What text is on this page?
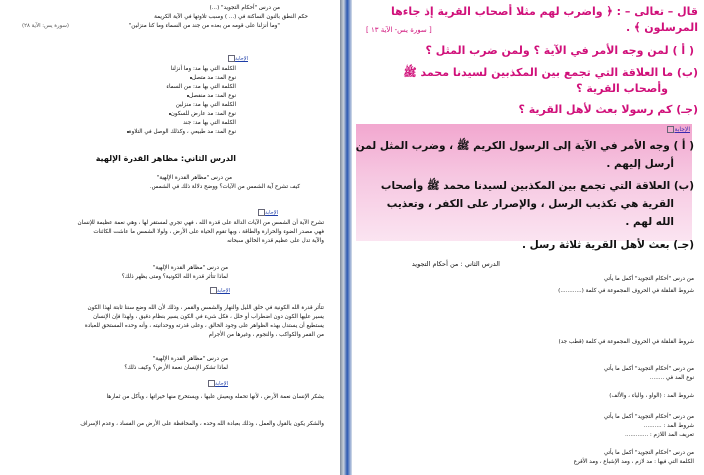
من درس "أحكام التجويد" (...)
حكم النطق بالنون الساكنة في (... ) وسبب تلاوتها في الآية الكريمة
"وما أنزلنا على قومه من بعده من جند من السماء وما كنا منزلين"
(سورة يس: الآية ٢٨)
الإجابة
الكلمة التي بها مد: وما أنزلنا
نوع المد: مد متصل
الكلمة التي بها مد: من السماء
نوع المد: مد منفصل
الكلمة التي بها مد: منزلين
نوع المد: مد عارض للسكون
الكلمة التي بها مد: جند
نوع المد: مد طبيعي ، وكذلك الوصل في التلاوة
الدرس الثاني: مظاهر القدرة الإلهية
من درس "مظاهر القدرة الإلهية"
كيف تشرح آية الشمس من الآيات؟ ووضح دلالة ذلك في الشمس.
الإجابة
تشرح الآية أن الشمس من الآيات الدالة على قدرة الله ، فهي تجري لمستقر لها ، وهي نعمة عظيمة للإنسان
فهي مصدر الضوء والحرارة والطاقة ، وبها تقوم الحياة على الأرض ، ولولا الشمس ما عاشت الكائنات
والآية تدل على عظيم قدرة الخالق سبحانه
من درس "مظاهر القدرة الإلهية"
لماذا تتأثر قدرة الله الكونية؟ ومتى يظهر ذلك؟
الإجابة
تتأثر قدرة الله الكونية في خلق الليل والنهار والشمس والقمر ، وذلك لأن الله وضع سننا ثابتة لهذا الكون
يسير عليها الكون دون اضطراب أو خلل ، فكل شيء في الكون يسير بنظام دقيق ، ولهذا فإن الإنسان
يستطيع أن يستدل بهذه الظواهر على وجود الخالق ، وعلى قدرته ووحدانيته ، وأنه وحده المستحق للعبادة
من القمر والكواكب ، والنجوم ، وغيرها من الأجرام
من درس "مظاهر القدرة الإلهية"
لماذا تشكر الإنسان نعمة الأرض؟ وكيف ذلك؟
الإجابة
يشكر الإنسان نعمة الأرض ، لأنها تحمله ويعيش عليها ، ويستخرج منها خيراتها ، ويأكل من ثمارها
والشكر يكون بالقول والعمل ، وذلك بعبادة الله وحده ، والمحافظة على الأرض من الفساد ، وعدم الإسراف
قال – تعالى – : ﴿ واضرب لهم مثلا أصحاب القرية إذ جاءها
المرسلون ﴾ .
[ سورة يس- الآية ١٣ ]
( أ ) لمن وجه الأمر في الآية ؟ ولمن ضرب المثل ؟
(ب) ما العلاقة التي تجمع بين المكذبين لسيدنا محمد ﷺ
وأصحاب القرية ؟
(جـ) كم رسولا بعث لأهل القرية ؟
الإجابة
( أ ) وجه الأمر في الآية إلى الرسول الكريم ﷺ ، وضرب المثل لمن
أرسل إليهم .
(ب) العلاقة التي تجمع بين المكذبين لسيدنا محمد ﷺ وأصحاب
القرية هي تكذيب الرسل ، والإصرار على الكفر ، وتعذيب
الله لهم .
(جـ) بعث لأهل القرية ثلاثة رسل .
الدرس الثاني : من أحكام التجويد
من درس "أحكام التجويد" أكمل ما يأتي
شروط القلقلة في الحروف المجموعة في كلمة (............)
شروط القلقلة في الحروف المجموعة في كلمة (قطب جد)
من درس "أحكام التجويد" أكمل ما يأتي
نوع المد في ........
شروط المد : (الواو ، والياء ، والألف)
من درس "أحكام التجويد" أكمل ما يأتي
شروط المد : ..........
تعريف المد اللازم : .............
من درس "أحكام التجويد" أكمل ما يأتي
الكلمة التي فيها : مد لازم ، ومد الإشباع ، ومد الأقرع
